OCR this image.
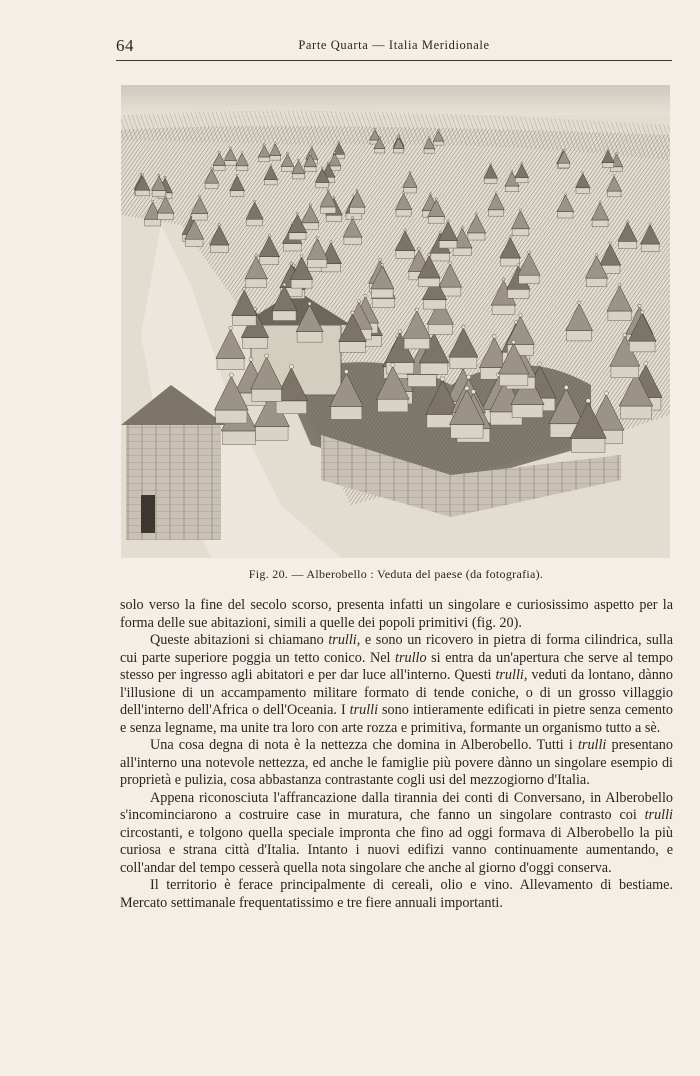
64	Parte Quarta — Italia Meridionale
Fig. 20. — Alberobello : Veduta del paese (da fotografia).

solo verso la fine del secolo scorso, presenta infatti un singolare e curiosissimo aspetto per la forma delle sue abitazioni, simili a quelle dei popoli primitivi (fig. 20).

Queste abitazioni si chiamano trulli, e sono un ricovero in pietra di forma cilindrica, sulla cui parte superiore poggia un tetto conico. Nel trullo si entra da un'apertura che serve al tempo stesso per ingresso agli abitatori e per dar luce all'interno. Questi trulli, veduti da lontano, dànno l'illusione di un accampamento militare formato di tende coniche, o di un grosso villaggio dell'interno dell'Africa o dell'Oceania. I trulli sono intieramente edificati in pietre senza cemento e senza legname, ma unite tra loro con arte rozza e primitiva, formante un organismo tutto a sè.

Una cosa degna di nota è la nettezza che domina in Alberobello. Tutti i trulli presentano all'interno una notevole nettezza, ed anche le famiglie più povere dànno un singolare esempio di proprietà e pulizia, cosa abbastanza contrastante cogli usi del mezzogiorno d'Italia.

Appena riconosciuta l'affrancazione dalla tirannia dei conti di Conversano, in Alberobello s'incominciarono a costruire case in muratura, che fanno un singolare contrasto coi trulli circostanti, e tolgono quella speciale impronta che fino ad oggi formava di Alberobello la più curiosa e strana città d'Italia. Intanto i nuovi edifizi vanno continuamente aumentando, e coll'andar del tempo cesserà quella nota singolare che anche al giorno d'oggi conserva.

Il territorio è ferace principalmente di cereali, olio e vino. Allevamento di bestiame. Mercato settimanale frequentatissimo e tre fiere annuali importanti.
